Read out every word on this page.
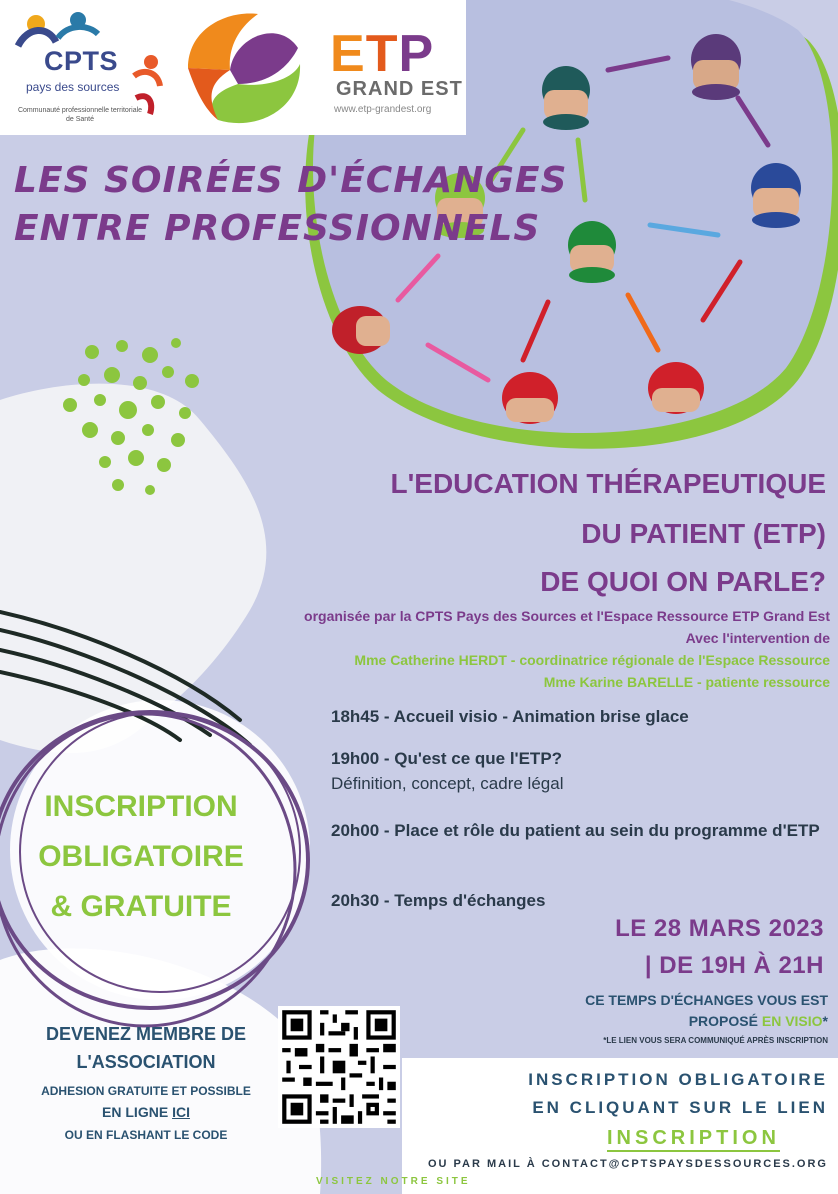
CPTS
pays des sources
Communauté professionnelle territoriale de Santé
ETP
GRAND EST
www.etp-grandest.org
LES SOIRÉES D'ÉCHANGES
ENTRE PROFESSIONNELS
L'EDUCATION THÉRAPEUTIQUE
DU PATIENT (ETP)
DE QUOI ON PARLE?
organisée par la CPTS Pays des Sources et l'Espace Ressource ETP Grand Est
Avec l'intervention de
Mme Catherine HERDT - coordinatrice régionale de l'Espace Ressource
Mme Karine BARELLE - patiente ressource
18h45 - Accueil visio - Animation brise glace
19h00 - Qu'est ce que l'ETP?
Définition, concept, cadre légal
20h00 - Place et rôle du patient au sein du programme d'ETP
20h30 - Temps d'échanges
LE 28 MARS 2023
| DE 19H À 21H
CE TEMPS D'ÉCHANGES VOUS EST
PROPOSÉ EN VISIO*
*LE LIEN VOUS SERA COMMUNIQUÉ APRÈS INSCRIPTION
INSCRIPTION
OBLIGATOIRE
& GRATUITE
DEVENEZ MEMBRE DE
L'ASSOCIATION
ADHESION GRATUITE ET POSSIBLE
EN LIGNE ICI
OU EN FLASHANT LE CODE
INSCRIPTION OBLIGATOIRE
EN CLIQUANT SUR LE LIEN
INSCRIPTION
OU PAR MAIL À CONTACT@CPTSPAYSDESSOURCES.ORG
VISITEZ NOTRE SITE
